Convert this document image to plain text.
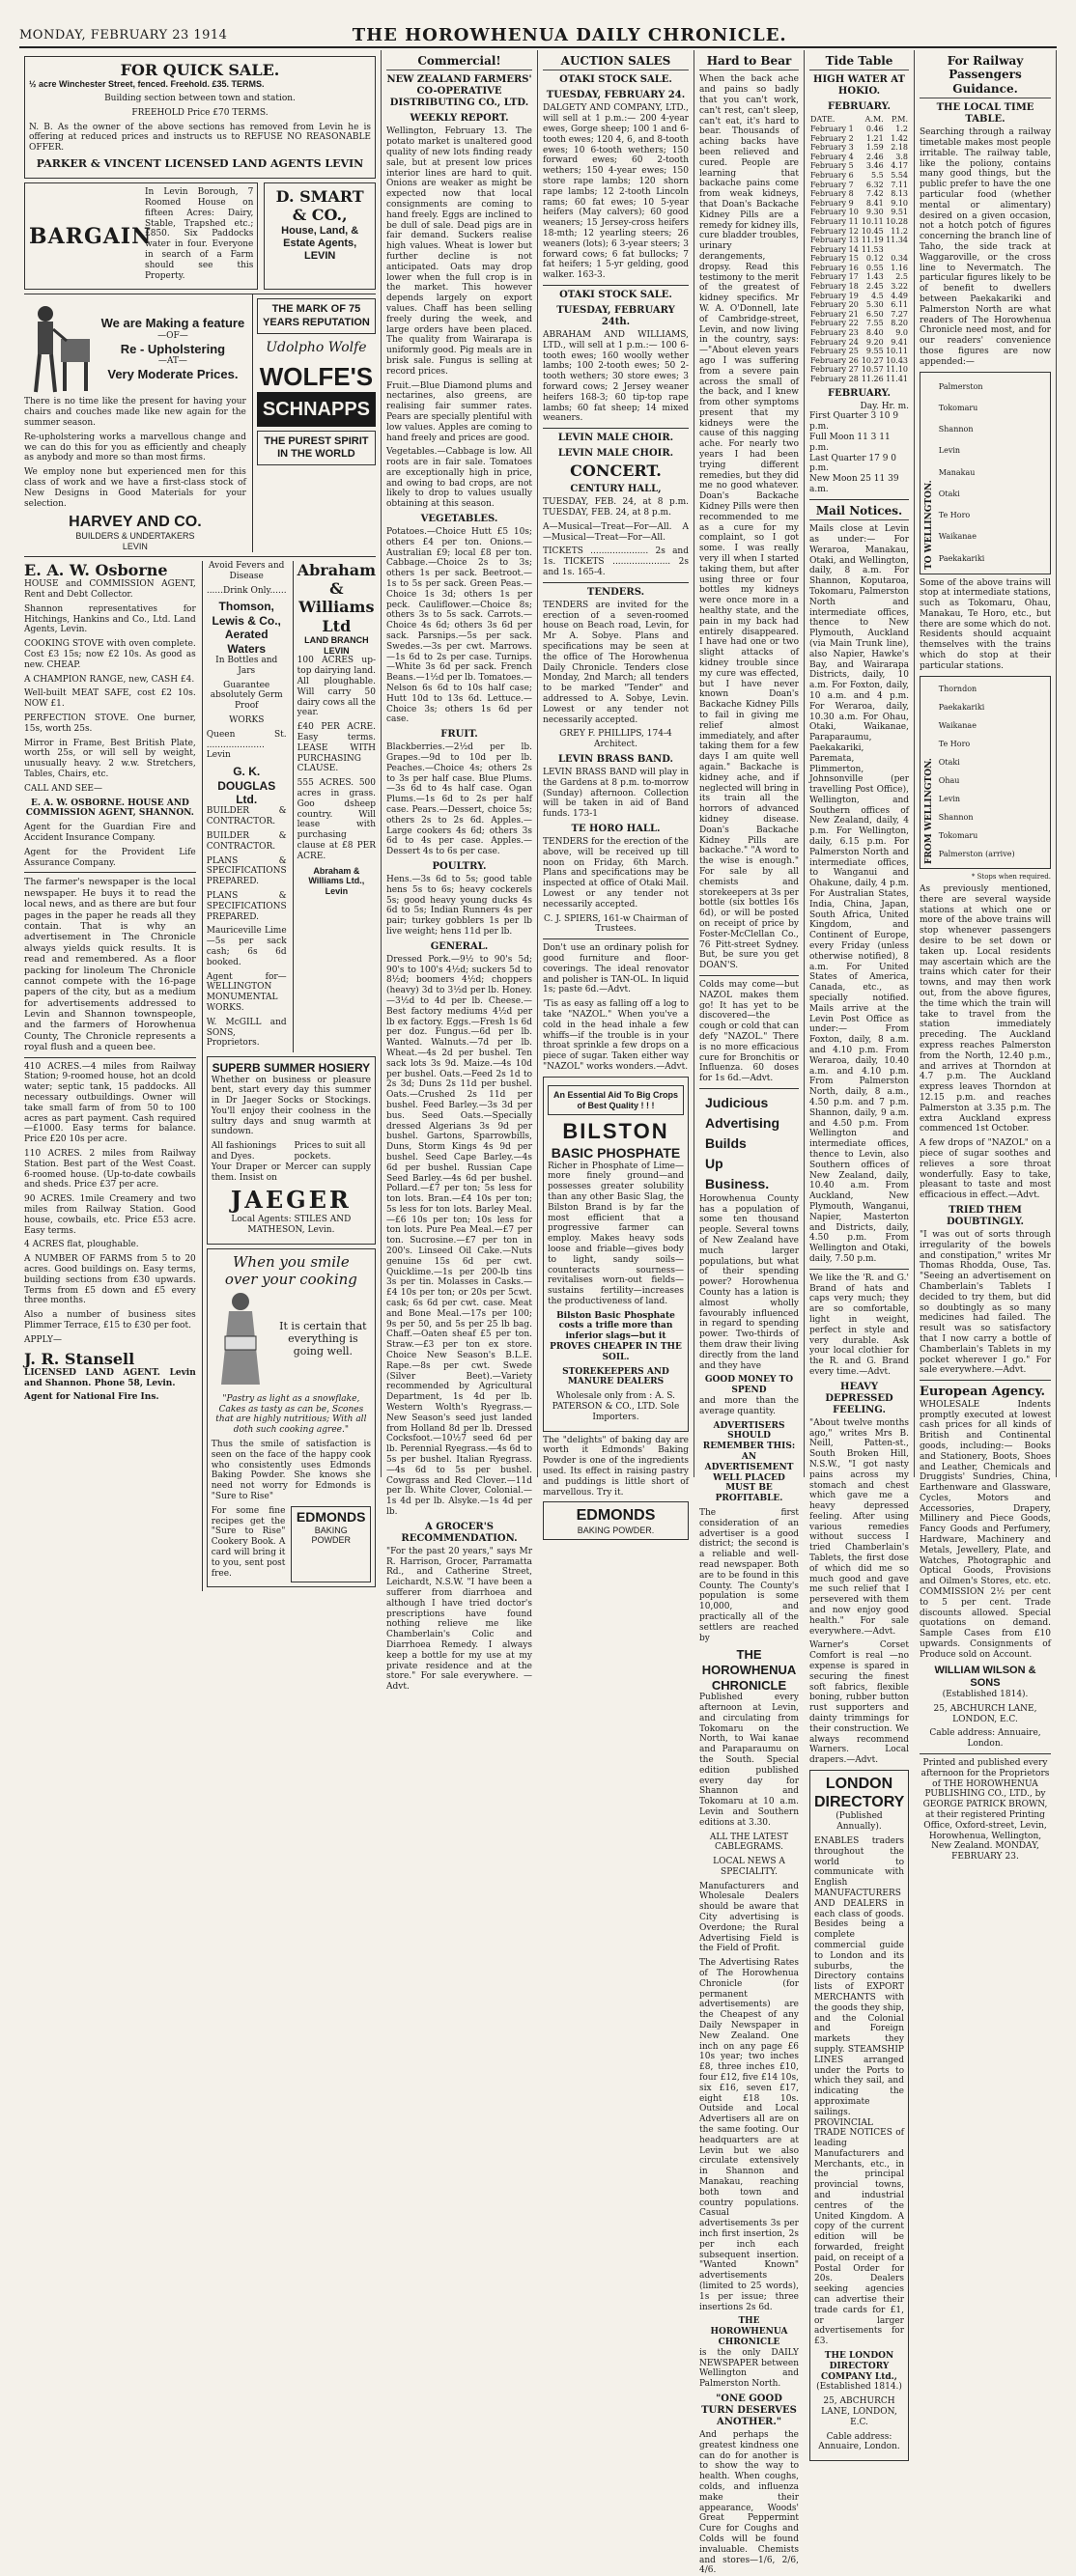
MONDAY, FEBRUARY 23 1914	THE HOROWHENUA DAILY CHRONICLE.
FOR QUICK SALE.

½ acre Winchester Street, fenced. Freehold. £35. TERMS.

Building section between town and station.

FREEHOLD Price £70 TERMS.

N. B. As the owner of the above sections has removed from Levin he is offering at reduced prices and instructs us to REFUSE NO REASONABLE OFFER.

PARKER & VINCENT LICENSED LAND AGENTS LEVIN

BARGAIN

In Levin Borough, 7 Roomed House on fifteen Acres: Dairy, Stable, Trapshed etc.; £850. Six Paddocks water in four. Everyone in search of a Farm should see this Property.

D. SMART & CO.,
House, Land, & Estate Agents, LEVIN
We are Making a feature
—OF—
Re - Upholstering
—AT—
Very Moderate Prices.

There is no time like the present for having your chairs and couches made like new again for the summer season.

Re-upholstering works a marvellous change and we can do this for you as efficiently and cheaply as anybody and more so than most firms.

We employ none but experienced men for this class of work and we have a first-class stock of New Designs in Good Materials for your selection.

HARVEY AND CO.
BUILDERS & UNDERTAKERS
LEVIN
THE MARK OF 75 YEARS REPUTATION
Udolpho Wolfe
WOLFE'S
SCHNAPPS
THE PUREST SPIRIT IN THE WORLD
E. A. W. Osborne

HOUSE and COMMISSION AGENT, Rent and Debt Collector.

Shannon representatives for Hitchings, Hankins and Co., Ltd. Land Agents, Levin.

COOKING STOVE with oven complete. Cost £3 15s; now £2 10s. As good as new. CHEAP.

A CHAMPION RANGE, new, CASH £4.

Well-built MEAT SAFE, cost £2 10s. NOW £1.

PERFECTION STOVE. One burner, 15s, worth 25s.

Mirror in Frame, Best British Plate, worth 25s, or will sell by weight, unusually heavy. 2 w.w. Stretchers, Tables, Chairs, etc.

CALL AND SEE—

E. A. W. OSBORNE. HOUSE AND COMMISSION AGENT, SHANNON.

Agent for the Guardian Fire and Accident Insurance Company.

Agent for the Provident Life Assurance Company.

The farmer's newspaper is the local newspaper. He buys it to read the local news, and as there are but four pages in the paper he reads all they contain. That is why an advertisement in The Chronicle always yields quick results. It is read and remembered. As a floor packing for linoleum The Chronicle cannot compete with the 16-page papers of the city, but as a medium for advertisements addressed to Levin and Shannon townspeople, and the farmers of Horowhenua County, The Chronicle represents a royal flush and a queen bee.

410 ACRES.—4 miles from Railway Station; 9-roomed house, hot an dcold water; septic tank, 15 paddocks. All necessary outbuildings. Owner will take small farm of from 50 to 100 acres as part payment. Cash required—£1000. Easy terms for balance. Price £20 10s per acre.

110 ACRES. 2 miles from Railway Station. Best part of the West Coast. 6-roomed house. (Up-to-date cowbails and sheds. Price £37 per acre.

90 ACRES. 1mile Creamery and two miles from Railway Station. Good house, cowbails, etc. Price £53 acre. Easy terms.

4 ACRES flat, ploughable.

A NUMBER OF FARMS from 5 to 20 acres. Good buildings on. Easy terms, building sections from £30 upwards. Terms from £5 down and £5 every three months.

Also a number of business sites Plimmer Terrace, £15 to £30 per foot.

APPLY—

J. R. Stansell

LICENSED LAND AGENT. Levin and Shannon. Phone 58, Levin.

Agent for National Fire Ins.

Avoid Fevers and Disease

......Drink Only......

Thomson, Lewis & Co.,
Aerated Waters

In Bottles and Jars

Guarantee absolutely Germ Proof

WORKS

Queen St. ..................... Levin

G. K. DOUGLAS Ltd.

BUILDER & CONTRACTOR.

BUILDER & CONTRACTOR.

PLANS & SPECIFICATIONS PREPARED.

PLANS & SPECIFICATIONS PREPARED.

Mauriceville Lime—5s per sack cash; 6s 6d booked.

Agent for— WELLINGTON MONUMENTAL WORKS.

W. McGILL and SONS, Proprietors.

Abraham & Williams Ltd
LAND BRANCH LEVIN

100 ACRES up-top dairying land. All ploughable. Will carry 50 dairy cows all the year.

£40 PER ACRE. Easy terms. LEASE WITH PURCHASING CLAUSE.

555 ACRES. 500 acres in grass. Goo dsheep country. Will lease with purchasing clause at £8 PER ACRE.

Abraham & Williams Ltd., Levin

SUPERB SUMMER HOSIERY

Whether on business or pleasure bent, start every day this summer in Dr Jaeger Socks or Stockings. You'll enjoy their coolness in the sultry days and snug warmth at sundown.

All fashionings and Dyes.
Prices to suit all pockets.

Your Draper or Mercer can supply them. Insist on

JAEGER

Local Agents: STILES AND MATHESON, Levin.

When you smile
over your cooking

It is certain that everything is going well.

"Pastry as light as a snowflake, Cakes as tasty as can be, Scones that are highly nutritious; With all doth such cooking agree."

Thus the smile of satisfaction is seen on the face of the happy cook who consistently uses Edmonds Baking Powder. She knows she need not worry for Edmonds is "Sure to Rise"

For some fine recipes get the "Sure to Rise" Cookery Book. A card will bring it to you, sent post free.

EDMONDS
BAKING POWDER
Commercial!
NEW ZEALAND FARMERS' CO-OPERATIVE DISTRIBUTING CO., LTD.
WEEKLY REPORT.

Wellington, February 13. The potato market is unaltered good quality of new lots finding ready sale, but at present low prices interior lines are hard to quit. Onions are weaker as might be expected now that local consignments are coming to hand freely. Eggs are inclined to be dull of sale. Dead pigs are in fair demand. Suckers realise high values. Wheat is lower but further decline is not anticipated. Oats may drop lower when the full crop is in the market. This however depends largely on export values. Chaff has been selling freely during the week, and large orders have been placed. The quality from Wairarapa is uniformly good. Pig meals are in brisk sale. Fungus is selling at record prices.

Fruit.—Blue Diamond plums and nectarines, also greens, are realising fair summer rates. Pears are specially plentiful with low values. Apples are coming to hand freely and prices are good.

Vegetables.—Cabbage is low. All roots are in fair sale. Tomatoes are exceptionally high in price, and owing to bad crops, are not likely to drop to values usually obtaining at this season.

VEGETABLES.

Potatoes.—Choice Hutt £5 10s; others £4 per ton. Onions.—Australian £9; local £8 per ton. Cabbage.—Choice 2s to 3s; others 1s per sack. Beetroot.—1s to 5s per sack. Green Peas.—Choice 1s 3d; others 1s per peck. Cauliflower.—Choice 8s; others 3s to 5s sack. Carrots.—Choice 4s 6d; others 3s 6d per sack. Parsnips.—5s per sack. Swedes.—3s per cwt. Marrows.—1s 6d to 2s per case. Turnips.—White 3s 6d per sack. French Beans.—1½d per lb. Tomatoes.—Nelson 6s 6d to 10s half case; Hutt 10d to 13s 6d. Lettuce.—Choice 3s; others 1s 6d per case.

FRUIT.

Blackberries.—2½d per lb. Grapes.—9d to 10d per lb. Peaches.—Choice 4s; others 2s to 3s per half case. Blue Plums.—3s 6d to 4s half case. Ogan Plums.—1s 6d to 2s per half case. Pears.—Dessert, choice 5s; others 2s to 2s 6d. Apples.—Large cookers 4s 6d; others 3s 6d to 4s per case. Apples.—Dessert 4s to 6s per case.

POULTRY.

Hens.—3s 6d to 5s; good table hens 5s to 6s; heavy cockerels 5s; good heavy young ducks 4s 6d to 5s; Indian Runners 4s per pair; turkey gobblers 1s per lb live weight; hens 11d per lb.

GENERAL.

Dressed Pork.—9½ to 90's 5d; 90's to 100's 4½d; suckers 5d to 8½d; boomers 4½d; choppers (heavy) 3d to 3½d per lb. Honey.—3½d to 4d per lb. Cheese.—Best factory mediums 4½d per lb ex factory. Eggs.—Fresh 1s 6d per doz. Fungus.—6d per lb. Wanted. Walnuts.—7d per lb. Wheat.—4s 2d per bushel. Ten sack lots 3s 9d. Maize.—4s 10d per bushel. Oats.—Feed 2s 1d to 2s 3d; Duns 2s 11d per bushel. Oats.—Crushed 2s 11d per bushel. Feed Barley.—3s 3d per bus. Seed Oats.—Specially dressed Algerians 3s 9d per bushel. Gartons, Sparrowbills, Duns, Storm Kings 4s 9d per bushel. Seed Cape Barley.—4s 6d per bushel. Russian Cape Seed Barley.—4s 6d per bushel. Pollard.—£7 per ton; 5s less for ton lots. Bran.—£4 10s per ton; 5s less for ton lots. Barley Meal.—£6 10s per ton; 10s less for ton lots. Pure Pea Meal.—£7 per ton. Sucrosine.—£7 per ton in 200's. Linseed Oil Cake.—Nuts genuine 15s 6d per cwt. Quicklime.—1s per 200-lb tins 3s per tin. Molasses in Casks.—£4 10s per ton; or 20s per 5cwt. cask; 6s 6d per cwt. case. Meat and Bone Meal.—17s per 100; 9s per 50, and 5s per 25 lb bag. Chaff.—Oaten sheaf £5 per ton. Straw.—£3 per ton ex store. Choice New Season's B.L.E. Rape.—8s per cwt. Swede (Silver Beet).—Variety recommended by Agricultural Department, 1s 4d per lb. Western Wolth's Ryegrass.—New Season's seed just landed from Holland 8d per lb. Dressed Cocksfoot.—10½7 seed 6d per lb. Perennial Ryegrass.—4s 6d to 5s per bushel. Italian Ryegrass.—4s 6d to 5s per bushel. Cowgrass and Red Clover.—11d per lb. White Clover, Colonial.—1s 4d per lb. Alsyke.—1s 4d per lb.

A GROCER'S RECOMMENDATION.

"For the past 20 years," says Mr R. Harrison, Grocer, Parramatta Rd., and Catherine Street, Leichardt, N.S.W. "I have been a sufferer from diarrhoea and although I have tried doctor's prescriptions have found nothing relieve me like Chamberlain's Colic and Diarrhoea Remedy. I always keep a bottle for my use at my private residence and at the store." For sale everywhere. —Advt.

AUCTION SALES
OTAKI STOCK SALE.
TUESDAY, FEBRUARY 24.

DALGETY AND COMPANY, LTD., will sell at 1 p.m.:— 200 4-year ewes, Gorge sheep; 100 1 and 6-tooth ewes; 120 4, 6, and 8-tooth ewes; 10 6-tooth wethers; 150 forward ewes; 60 2-tooth wethers; 150 4-year ewes; 150 store rape lambs; 120 shorn rape lambs; 12 2-tooth Lincoln rams; 60 fat ewes; 10 5-year heifers (May calvers); 60 good weaners; 15 Jersey-cross heifers 18-mth; 12 yearling steers; 26 weaners (lots); 6 3-year steers; 3 forward cows; 6 fat bullocks; 7 fat heifers; 1 5-yr gelding, good walker. 163-3.

OTAKI STOCK SALE.
TUESDAY, FEBRUARY 24th.

ABRAHAM AND WILLIAMS, LTD., will sell at 1 p.m.:— 100 6-tooth ewes; 160 woolly wether lambs; 100 2-tooth ewes; 50 2-tooth wethers; 30 store ewes; 3 forward cows; 2 Jersey weaner heifers 168-3; 60 tip-top rape lambs; 60 fat sheep; 14 mixed weaners.

LEVIN MALE CHOIR.
LEVIN MALE CHOIR.
CONCERT.
CENTURY HALL,

TUESDAY, FEB. 24, at 8 p.m. TUESDAY, FEB. 24, at 8 p.m.

A—Musical—Treat—For—All. A—Musical—Treat—For—All.

TICKETS ..................... 2s and 1s. TICKETS ..................... 2s and 1s. 165-4.

TENDERS.

TENDERS are invited for the erection of a seven-roomed house on Beach road, Levin, for Mr A. Sobye. Plans and specifications may be seen at the office of The Horowhenua Daily Chronicle. Tenders close Monday, 2nd March; all tenders to be marked "Tender" and addressed to A. Sobye, Levin. Lowest or any tender not necessarily accepted.

GREY F. PHILLIPS, 174-4 Architect.

LEVIN BRASS BAND.

LEVIN BRASS BAND will play in the Gardens at 8 p.m. to-morrow (Sunday) afternoon. Collection will be taken in aid of Band funds. 173-1

TE HORO HALL.

TENDERS for the erection of the above, will be received up till noon on Friday, 6th March. Plans and specifications may be inspected at office of Otaki Mail. Lowest or any tender not necessarily accepted.

C. J. SPIERS, 161-w Chairman of Trustees.

Don't use an ordinary polish for good furniture and floor-coverings. The ideal renovator and polisher is TAN-OL. In liquid 1s; paste 6d.—Advt.

'Tis as easy as falling off a log to take "NAZOL." When you've a cold in the head inhale a few whiffs—if the trouble is in your throat sprinkle a few drops on a piece of sugar. Taken either way "NAZOL" works wonders.—Advt.

An Essential Aid To Big Crops of Best Quality ! ! !
BILSTON
BASIC PHOSPHATE

Richer in Phosphate of Lime—more finely ground—and possesses greater solubility than any other Basic Slag, the Bilston Brand is by far the most efficient that a progressive farmer can employ. Makes heavy sods loose and friable—gives body to light, sandy soils—counteracts sourness—revitalises worn-out fields—sustains fertility—increases the productiveness of land.

Bilston Basic Phosphate costs a trifle more than inferior slags—but it PROVES CHEAPER IN THE SOIL.

STOREKEEPERS AND MANURE DEALERS

Wholesale only from : A. S. PATERSON & CO., LTD. Sole Importers.

The "delights" of baking day are worth it Edmonds' Baking Powder is one of the ingredients used. Its effect in raising pastry and puddings is little short of marvellous. Try it.

EDMONDS
BAKING POWDER.
Hard to Bear

When the back ache and pains so badly that you can't work, can't rest, can't sleep, can't eat, it's hard to bear. Thousands of aching backs have been relieved and cured. People are learning that backache pains come from weak kidneys, that Doan's Backache Kidney Pills are a remedy for kidney ills, cure bladder troubles, urinary derangements, dropsy. Read this testimony to the merit of the greatest of kidney specifics. Mr W. A. O'Donnell, late of Cambridge-street, Levin, and now living in the country, says:—"About eleven years ago I was suffering from a severe pain across the small of the back, and I knew from other symptoms present that my kidneys were the cause of this nagging ache. For nearly two years I had been trying different remedies, but they did me no good whatever. Doan's Backache Kidney Pills were then recommended to me as a cure for my complaint, so I got some. I was really very ill when I started taking them, but after using three or four bottles my kidneys were once more in a healthy state, and the pain in my back had entirely disappeared. I have had one or two slight attacks of kidney trouble since my cure was effected, but I have never known Doan's Backache Kidney Pills to fail in giving me relief almost immediately, and after taking them for a few days I am quite well again." Backache is kidney ache, and if neglected will bring in its train all the horrors of advanced kidney disease. Doan's Backache Kidney Pills are backache." "A word to the wise is enough." For sale by all chemists and storekeepers at 3s per bottle (six bottles 16s 6d), or will be posted on receipt of price by Foster-McClellan Co., 76 Pitt-street Sydney. But, be sure you get DOAN'S.

Colds may come—but NAZOL makes them go! It has yet to be discovered—the cough or cold that can defy "NAZOL." There is no more efficacious cure for Bronchitis or Influenza. 60 doses for 1s 6d.—Advt.

Judicious
Advertising
Builds
Up
Business.

Horowhenua County has a population of some ten thousand people. Several towns of New Zealand have much larger populations, but what of their spending power? Horowhenua County has a lation is almost wholly favourably influenced in regard to spending power. Two-thirds of them draw their living directly from the land and they have

GOOD MONEY TO SPEND

and more than the average quantity.

ADVERTISERS SHOULD REMEMBER THIS: AN ADVERTISEMENT WELL PLACED MUST BE PROFITABLE.

The first consideration of an advertiser is a good district; the second is a reliable and well-read newspaper. Both are to be found in this County. The County's population is some 10,000, and practically all of the settlers are reached by

THE
HOROWHENUA
CHRONICLE

Published every afternoon at Levin, and circulating from Tokomaru on the North, to Wai kanae and Paraparaumu on the South. Special edition published every day for Shannon and Tokomaru at 10 a.m. Levin and Southern editions at 3.30.

ALL THE LATEST CABLEGRAMS.

LOCAL NEWS A SPECIALITY.

Manufacturers and Wholesale Dealers should be aware that City advertising is Overdone; the Rural Advertising Field is the Field of Profit.

The Advertising Rates of The Horowhenua Chronicle (for permanent advertisements) are the Cheapest of any Daily Newspaper in New Zealand. One inch on any page £6 10s year; two inches £8, three inches £10, four £12, five £14 10s, six £16, seven £17, eight £18 10s. Outside and Local Advertisers all are on the same footing. Our headquarters are at Levin but we also circulate extensively in Shannon and Manakau, reaching both town and country populations. Casual advertisements 3s per inch first insertion, 2s per inch each subsequent insertion. "Wanted Known" advertisements (limited to 25 words), 1s per issue; three insertions 2s 6d.

THE HOROWHENUA CHRONICLE

is the only DAILY NEWSPAPER between Wellington and Palmerston North.

"ONE GOOD TURN DESERVES ANOTHER."

And perhaps the greatest kindness one can do for another is to show the way to health. When coughs, colds, and influenza make their appearance, Woods' Great Peppermint Cure for Coughs and Colds will be found invaluable. Chemists and stores—1/6, 2/6, 4/6.

Tide Table
HIGH WATER AT HOKIO.
FEBRUARY.
DATE.	A.M.	P.M.
February 1	0.46	1.2
February 2	1.21	1.42
February 3	1.59	2.18
February 4	2.46	3.8
February 5	3.46	4.17
February 6	5.5	5.54
February 7	6.32	7.11
February 8	7.42	8.13
February 9	8.41	9.10
February 10	9.30	9.51
February 11	10.11	10.28
February 12	10.45	11.2
February 13	11.19	11.34
February 14	11.53	
February 15	0.12	0.34
February 16	0.55	1.16
February 17	1.43	2.5
February 18	2.45	3.22
February 19	4.5	4.49
February 20	5.30	6.11
February 21	6.50	7.27
February 22	7.55	8.20
February 23	8.40	9.0
February 24	9.20	9.41
February 25	9.55	10.11
February 26	10.27	10.43
February 27	10.57	11.10
February 28	11.26	11.41
FEBRUARY.
Day. Hr. m.
First Quarter 3 10 9 p.m.
Full Moon 11 3 11 p.m.
Last Quarter 17 9 0 p.m.
New Moon 25 11 39 a.m.
Mail Notices.

Mails close at Levin as under:— For Weraroa, Manakau, Otaki, and Wellington, daily, 8 a.m. For Shannon, Koputaroa, Tokomaru, Palmerston North and intermediate offices, thence to New Plymouth, Auckland (via Main Trunk line), also Napier, Hawke's Bay, and Wairarapa Districts, daily, 10 a.m. For Foxton, daily, 10 a.m. and 4 p.m. For Weraroa, daily, 10.30 a.m. For Ohau, Otaki, Waikanae, Paraparaumu, Paekakariki, Paremata, Plimmerton, Johnsonville (per travelling Post Office), Wellington, and Southern offices of New Zealand, daily, 4 p.m. For Wellington, daily, 6.15 p.m. For Palmerston North and intermediate offices, to Wanganui and Ohakune, daily, 4 p.m. For Australian States, India, China, Japan, South Africa, United Kingdom, and Continent of Europe, every Friday (unless otherwise notified), 8 a.m. For United States of America, Canada, etc., as specially notified. Mails arrive at the Levin Post Office as under:— From Foxton, daily, 8 a.m. and 4.10 p.m. From Weraroa, daily, 10.40 a.m. and 4.10 p.m. From Palmerston North, daily, 8 a.m., 4.50 p.m. and 7 p.m. Shannon, daily, 9 a.m. and 4.50 p.m. From Wellington and intermediate offices, thence to Levin, also Southern offices of New Zealand, daily, 10.40 a.m. From Auckland, New Plymouth, Wanganui, Napier, Masterton and Districts, daily, 4.50 p.m. From Wellington and Otaki, daily, 7.50 p.m.

We like the 'R. and G.' Brand of hats and caps very much; they are so comfortable, light in weight, perfect in style and very durable. Ask your local clothier for the R. and G. Brand every time.—Advt.

HEAVY DEPRESSED FEELING.

"About twelve months ago," writes Mrs B. Neill, Patten-st., South Broken Hill, N.S.W., "I got nasty pains across my stomach and chest which gave me a heavy depressed feeling. After using various remedies without success I tried Chamberlain's Tablets, the first dose of which did me so much good and gave me such relief that I persevered with them and now enjoy good health." For sale everywhere.—Advt.

Warner's Corset Comfort is real —no expense is spared in securing the finest soft fabrics, flexible boning, rubber button rust supporters and dainty trimmings for their construction. We always recommend Warners. Local drapers.—Advt.

LONDON
DIRECTORY

(Published Annually).

ENABLES traders throughout the world to communicate with English MANUFACTURERS AND DEALERS in each class of goods. Besides being a complete commercial guide to London and its suburbs, the Directory contains lists of EXPORT MERCHANTS with the goods they ship, and the Colonial and Foreign markets they supply. STEAMSHIP LINES arranged under the Ports to which they sail, and indicating the approximate sailings. PROVINCIAL TRADE NOTICES of leading Manufacturers and Merchants, etc., in the principal provincial towns, and industrial centres of the United Kingdom. A copy of the current edition will be forwarded, freight paid, on receipt of a Postal Order for 20s. Dealers seeking agencies can advertise their trade cards for £1, or larger advertisements for £3.

THE LONDON DIRECTORY COMPANY Ltd.,

(Established 1814.)

25, ABCHURCH LANE, LONDON, E.C.

Cable address: Annuaire, London.

For Railway Passengers Guidance.
THE LOCAL TIME TABLE.

Searching through a railway timetable makes most people irritable. The railway table, like the poliony, contains many good things, but the public prefer to have the one particular food (whether mental or alimentary) desired on a given occasion, not a hotch potch of figures concerning the branch line of Taho, the side track at Waggaroville, or the cross line to Nevermatch. The particular figures likely to be of benefit to dwellers between Paekakariki and Palmerston North are what readers of The Horowhenua Chronicle need most, and for our readers' convenience those figures are now appended:—

TO WELLINGTON.
Palmerston
Tokomaru
Shannon
Levin
Manakau
Otaki
Te Horo
Waikanae
Paekakariki

Some of the above trains will stop at intermediate stations, such as Tokomaru, Ohau, Manakau, Te Horo, etc., but there are some which do not. Residents should acquaint themselves with the trains which do stop at their particular stations.

FROM WELLINGTON.
Thorndon
Paekakariki
Waikanae
Te Horo
Otaki
Ohau
Levin
Shannon
Tokomaru
Palmerston (arrive)

* Stops when required.

As previously mentioned, there are several wayside stations at which one or more of the above trains will stop whenever passengers desire to be set down or taken up. Local residents may ascertain which are the trains which cater for their towns, and may then work out, from the above figures, the time which the train will take to travel from the station immediately preceding. The Auckland express reaches Palmerston from the North, 12.40 p.m., and arrives at Thorndon at 4.7 p.m. The Auckland express leaves Thorndon at 12.15 p.m. and reaches Palmerston at 3.35 p.m. The extra Auckland express commenced 1st October.

A few drops of "NAZOL" on a piece of sugar soothes and relieves a sore throat wonderfully. Easy to take, pleasant to taste and most efficacious in effect.—Advt.

TRIED THEM DOUBTINGLY.

"I was out of sorts through irregularity of the bowels and constipation," writes Mr Thomas Rhodda, Ouse, Tas. "Seeing an advertisement on Chamberlain's Tablets I decided to try them, but did so doubtingly as so many medicines had failed. The result was so satisfactory that I now carry a bottle of Chamberlain's Tablets in my pocket wherever I go." For sale everywhere.—Advt.

European Agency.

WHOLESALE Indents promptly executed at lowest cash prices for all kinds of British and Continental goods, including:— Books and Stationery, Boots, Shoes and Leather, Chemicals and Druggists' Sundries, China, Earthenware and Glassware, Cycles, Motors and Accessories, Drapery, Millinery and Piece Goods, Fancy Goods and Perfumery, Hardware, Machinery and Metals, Jewellery, Plate, and Watches, Photographic and Optical Goods, Provisions and Oilmen's Stores, etc. etc. COMMISSION 2½ per cent to 5 per cent. Trade discounts allowed. Special quotations on demand. Sample Cases from £10 upwards. Consignments of Produce sold on Account.

WILLIAM WILSON & SONS

(Established 1814).

25, ABCHURCH LANE, LONDON, E.C.

Cable address: Annuaire, London.

Printed and published every afternoon for the Proprietors of THE HOROWHENUA PUBLISHING CO., LTD., by GEORGE PATRICK BROWN, at their registered Printing Office, Oxford-street, Levin, Horowhenua, Wellington, New Zealand. MONDAY, FEBRUARY 23.
